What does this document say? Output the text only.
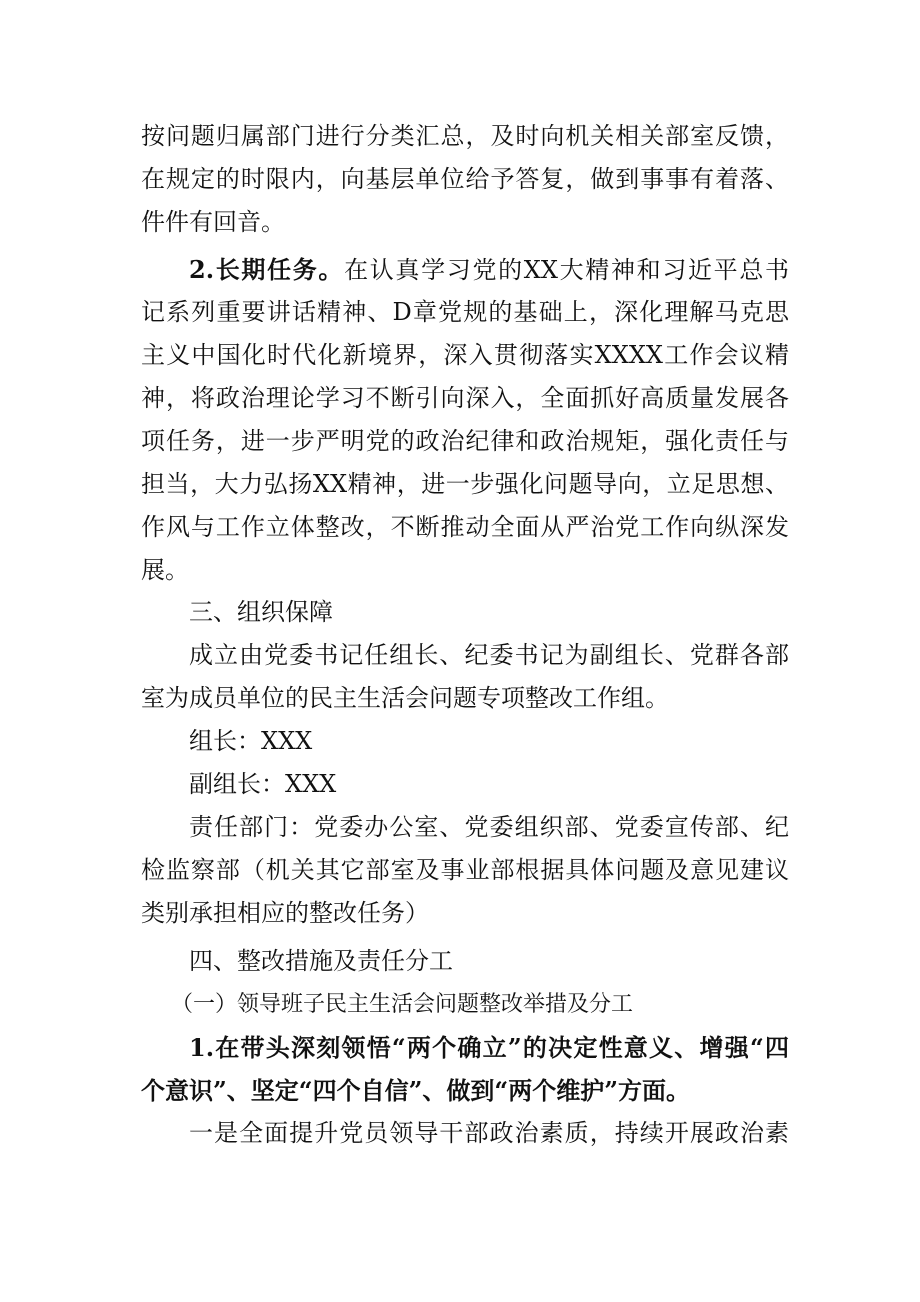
按问题归属部门进行分类汇总，及时向机关相关部室反馈，
在规定的时限内，向基层单位给予答复，做到事事有着落、
件件有回音。
2.长期任务。在认真学习党的XX大精神和习近平总书
记系列重要讲话精神、D章党规的基础上，深化理解马克思
主义中国化时代化新境界，深入贯彻落实XXXX工作会议精
神，将政治理论学习不断引向深入，全面抓好高质量发展各
项任务，进一步严明党的政治纪律和政治规矩，强化责任与
担当，大力弘扬XX精神，进一步强化问题导向，立足思想、
作风与工作立体整改，不断推动全面从严治党工作向纵深发
展。
三、组织保障
成立由党委书记任组长、纪委书记为副组长、党群各部
室为成员单位的民主生活会问题专项整改工作组。
组长：XXX
副组长：XXX
责任部门：党委办公室、党委组织部、党委宣传部、纪
检监察部（机关其它部室及事业部根据具体问题及意见建议
类别承担相应的整改任务）
四、整改措施及责任分工
（一）领导班子民主生活会问题整改举措及分工
1.在带头深刻领悟“两个确立”的决定性意义、增强“四
个意识”、坚定“四个自信”、做到“两个维护”方面。
一是全面提升党员领导干部政治素质，持续开展政治素
